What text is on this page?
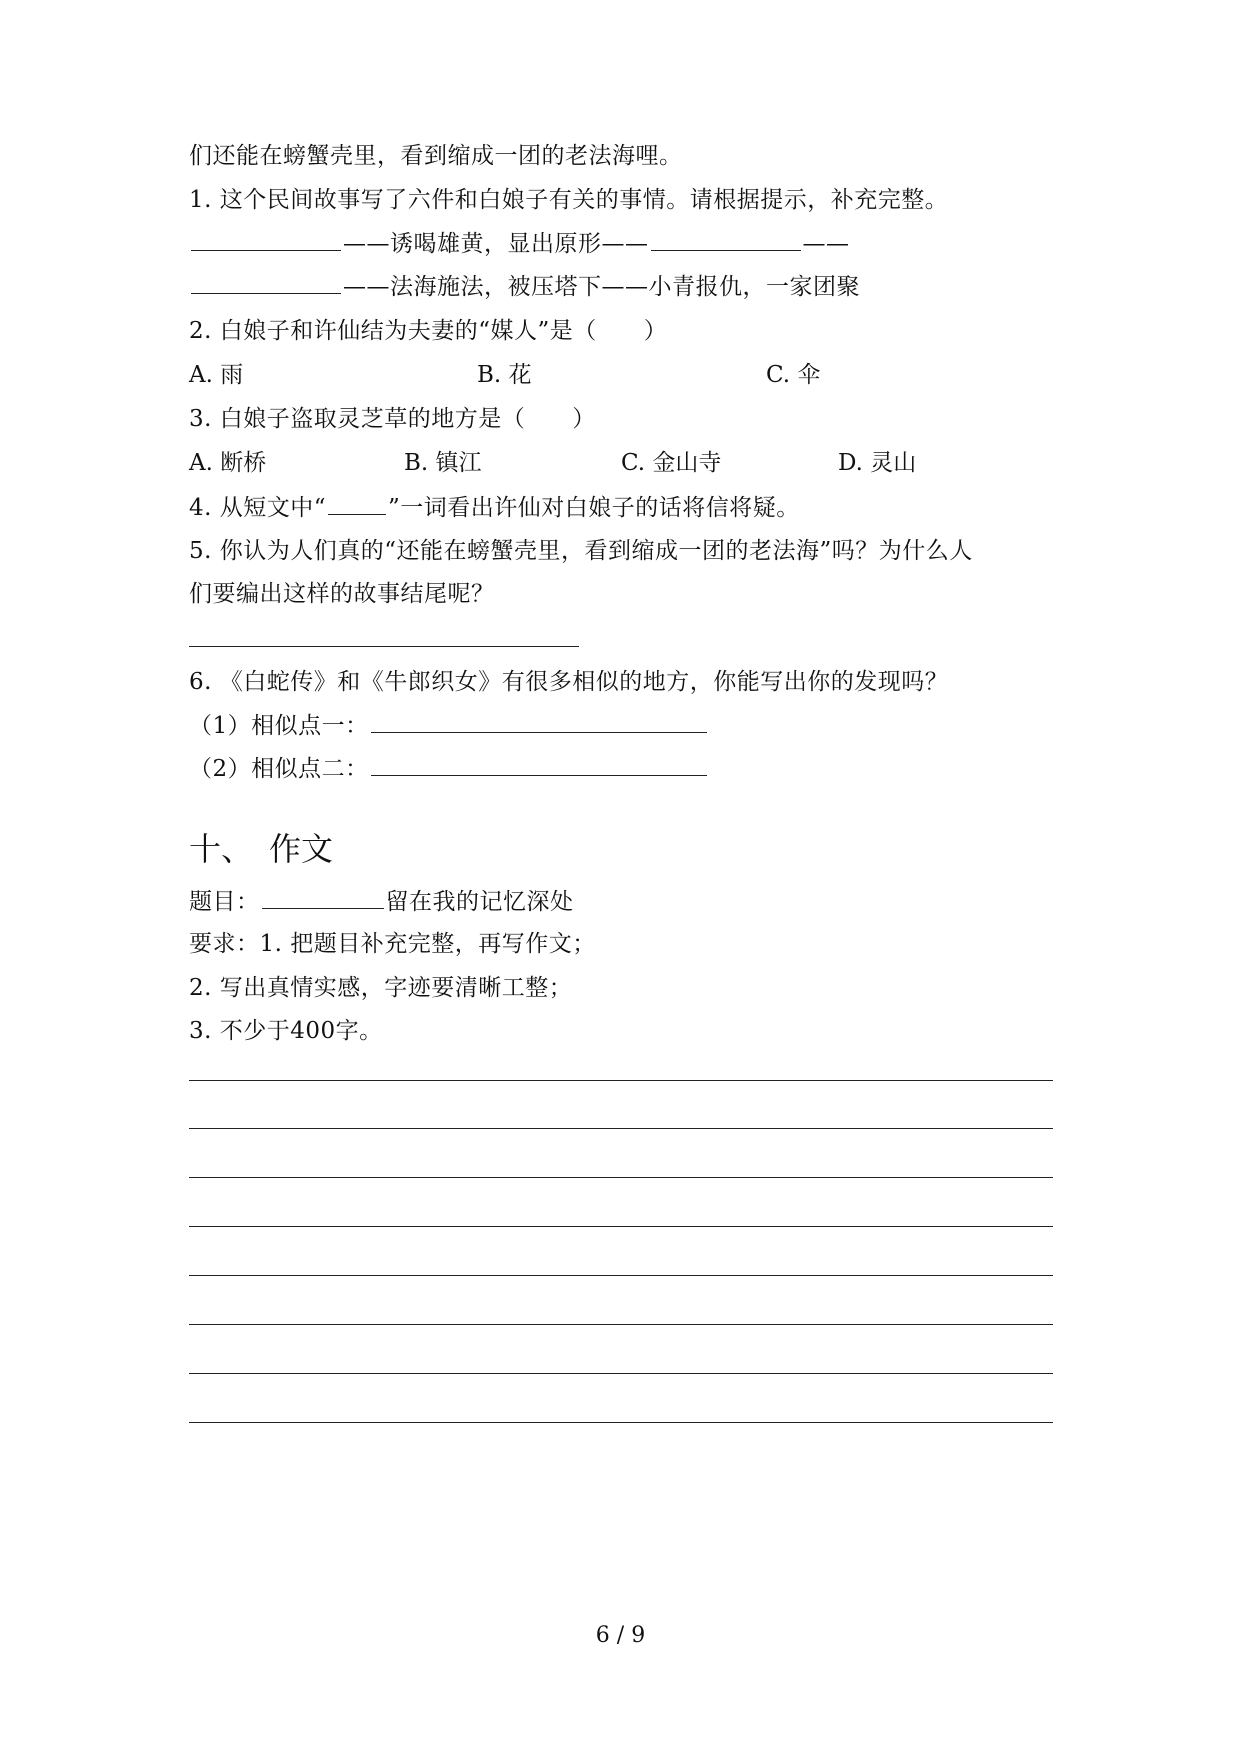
们还能在螃蟹壳里，看到缩成一团的老法海哩。

1. 这个民间故事写了六件和白娘子有关的事情。请根据提示，补充完整。

——诱喝雄黄，显出原形——	——
——法海施法，被压塔下——小青报仇，一家团聚

2. 白娘子和许仙结为夫妻的“媒人”是（　　）

A. 雨	B. 花	C. 伞

3. 白娘子盗取灵芝草的地方是（　　）

A. 断桥	B. 镇江	C. 金山寺	D. 灵山
4. 从短文中“	”一词看出许仙对白娘子的话将信将疑。

5. 你认为人们真的“还能在螃蟹壳里，看到缩成一团的老法海”吗？为什么人

们要编出这样的故事结尾呢？

6. 《白蛇传》和《牛郎织女》有很多相似的地方，你能写出你的发现吗？

（1）相似点一：
（2）相似点二：
十、　作文
题目：	留在我的记忆深处

要求：1. 把题目补充完整，再写作文；

2. 写出真情实感，字迹要清晰工整；

3. 不少于400字。

6 / 9
